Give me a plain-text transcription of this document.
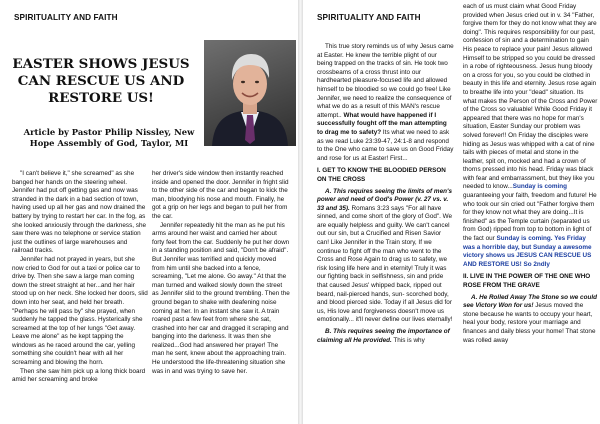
SPIRITUALITY AND FAITH
EASTER SHOWS JESUS CAN RESCUE US AND RESTORE US!

Article by Pastor Philip Nissley, New Hope Assembly of God, Taylor, MI

"I can't believe it," she screamed" as she banged her hands on the steering wheel. Jennifer had put off getting gas and now was stranded in the dark in a bad section of town, having used up all her gas and now drained the battery by trying to restart her car. In the fog, as she looked anxiously through the darkness, she saw there was no telephone or service station just the outlines of large warehouses and railroad tracks.

Jennifer had not prayed in years, but she now cried to God for out a taxi or police car to drive by. Then she saw a large man coming down the street straight at her...and her hair stood up on her neck. She locked her doors, slid down into her seat, and held her breath. "Perhaps he will pass by" she prayed, when suddenly he tapped the glass. Hysterically she screamed at the top of her lungs "Get away. Leave me alone" as he kept tapping the windows as he raced around the car, yelling something she couldn't hear with all her screaming and blowing the horn.

Then she saw him pick up a long thick board amid her screaming and broke

her driver's side window then instantly reached inside and opened the door. Jennifer in fright slid to the other side of the car and began to kick the man, bloodying his nose and mouth. Finally, he got a grip on her legs and began to pull her from the car.

Jennifer repeatedly hit the man as he put his arms around her waist and carried her about forty feet from the car. Suddenly he put her down in a standing position and said, "Don't be afraid". But Jennifer was terrified and quickly moved from him until she backed into a fence, screaming, "Let me alone. Go away." At that the man turned and walked slowly down the street as Jennifer slid to the ground trembling. Then the ground began to shake with deafening noise coming at her. In an instant she saw it. A train roared past a few feet from where she sat, crashed into her car and dragged it scraping and banging into the darkness. It was then she realized...God had answered her prayer! The man he sent, knew about the approaching train. He understood the life-threatening situation she was in and was trying to save her.

SPIRITUALITY AND FAITH

This true story reminds us of why Jesus came at Easter. He knew the terrible plight of our being trapped on the tracks of sin. He took two crossbeams of a cross thrust into our hardhearted pleasure-focused life and allowed himself to be bloodied so we could go free! Like Jennifer, we need to realize the consequence of what we do as a result of this MAN's rescue attempt.. What would have happened if I successfully fought off the man attempting to drag me to safety? Its what we need to ask as we read Luke 23:39-47, 24:1-8 and respond to the One who came to save us on Good Friday and rose for us at Easter! First...

I. GET TO KNOW THE BLOODIED PERSON ON THE CROSS

A. This requires seeing the limits of men's power and need of God's Power (v. 27 vs. v. 33 and 35). Romans 3:23 says "For all have sinned, and come short of the glory of God". We are equally helpless and guilty. We can't cancel out our sin, but a Crucified and Risen Savior can! Like Jennifer in the Train story, If we continue to fight off the man who went to the Cross and Rose Again to drag us to safety, we risk losing life here and in eternity! Truly it was our fighting back in selfishness, sin and pride that caused Jesus' whipped back, ripped out beard, nail-pierced hands, sun- scorched body, and blood pierced side. Today if all Jesus did for us, His love and forgiveness doesn't move us emotionally... it'll never define our lives eternally!

B. This requires seeing the importance of claiming all He provided. This is why

each of us must claim what Good Friday provided when Jesus cried out in v. 34 "Father, forgive them for they do not know what they are doing". This requires responsibility for our past, confession of sin and a determination to gain His peace to replace your pain! Jesus allowed Himself to be stripped so you could be dressed in a robe of righteousness. Jesus hung bloody on a cross for you, so you could be clothed in beauty in this life and eternity. Jesus rose again to breathe life into your "dead" situation. Its what makes the Person of the Cross and Power of the Cross so valuable! While Good Friday it appeared that there was no hope for man's situation, Easter Sunday our problem was solved forever!! On Friday the disciples were hiding as Jesus was whipped with a cat of nine tails with pieces of metal and stone in the leather, spit on, mocked and had a crown of thorns pressed into his head. Friday was black with fear and embarrassment, but they like you needed to know...Sunday is coming guaranteeing your faith, freedom and future! He who took our sin cried out "Father forgive them for they know not what they are doing...It is finished" as the Temple curtain (separated us from God) ripped from top to bottom in light of the fact our Sunday is coming. Yes Friday was a horrible day, but Sunday a awesome victory shows us JESUS CAN RESCUE US AND RESTORE US! So 2ndly

II. LIVE IN THE POWER OF THE ONE WHO ROSE FROM THE GRAVE

A. He Rolled Away The Stone so we could see Victory Won for us! Jesus moved the stone because he wants to occupy your heart, heal your body, restore your marriage and finances and daily bless your home! That stone was rolled away
